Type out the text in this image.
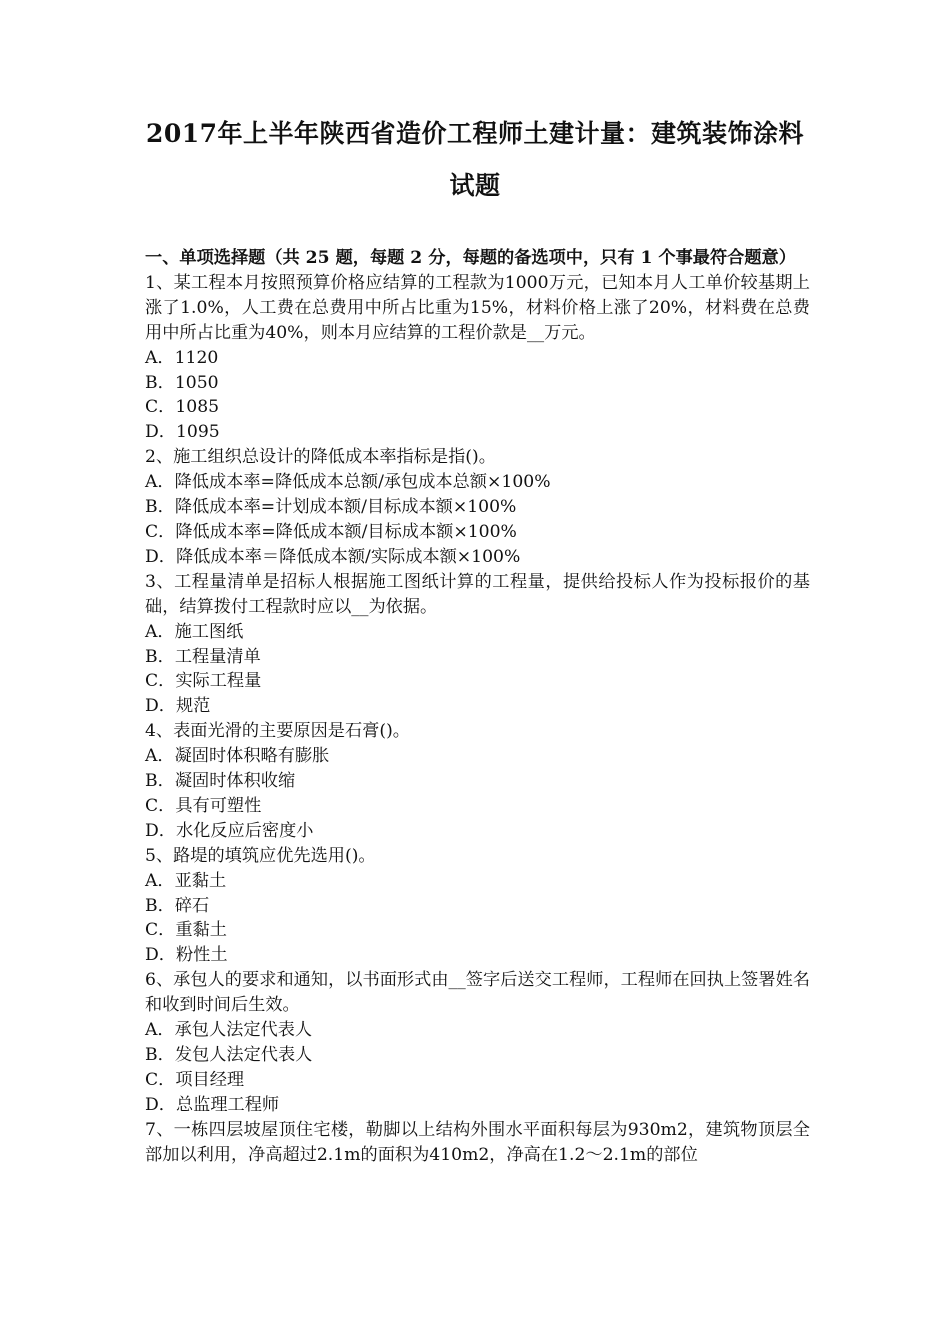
2017年上半年陕西省造价工程师土建计量：建筑装饰涂料
试题
一、单项选择题（共 25 题，每题 2 分，每题的备选项中，只有 1 个事最符合题意）
1、某工程本月按照预算价格应结算的工程款为1000万元，已知本月人工单价较基期上涨了1.0%，人工费在总费用中所占比重为15%，材料价格上涨了20%，材料费在总费用中所占比重为40%，则本月应结算的工程价款是__万元。
A．1120
B．1050
C．1085
D．1095
2、施工组织总设计的降低成本率指标是指()。
A．降低成本率=降低成本总额/承包成本总额×100%
B．降低成本率=计划成本额/目标成本额×100%
C．降低成本率=降低成本额/目标成本额×100%
D．降低成本率＝降低成本额/实际成本额×100%
3、工程量清单是招标人根据施工图纸计算的工程量，提供给投标人作为投标报价的基础，结算拨付工程款时应以__为依据。
A．施工图纸
B．工程量清单
C．实际工程量
D．规范
4、表面光滑的主要原因是石膏()。
A．凝固时体积略有膨胀
B．凝固时体积收缩
C．具有可塑性
D．水化反应后密度小
5、路堤的填筑应优先选用()。
A．亚黏土
B．碎石
C．重黏土
D．粉性土
6、承包人的要求和通知，以书面形式由__签字后送交工程师，工程师在回执上签署姓名和收到时间后生效。
A．承包人法定代表人
B．发包人法定代表人
C．项目经理
D．总监理工程师
7、一栋四层坡屋顶住宅楼，勒脚以上结构外围水平面积每层为930m2，建筑物顶层全部加以利用，净高超过2.1m的面积为410m2，净高在1.2～2.1m的部位
